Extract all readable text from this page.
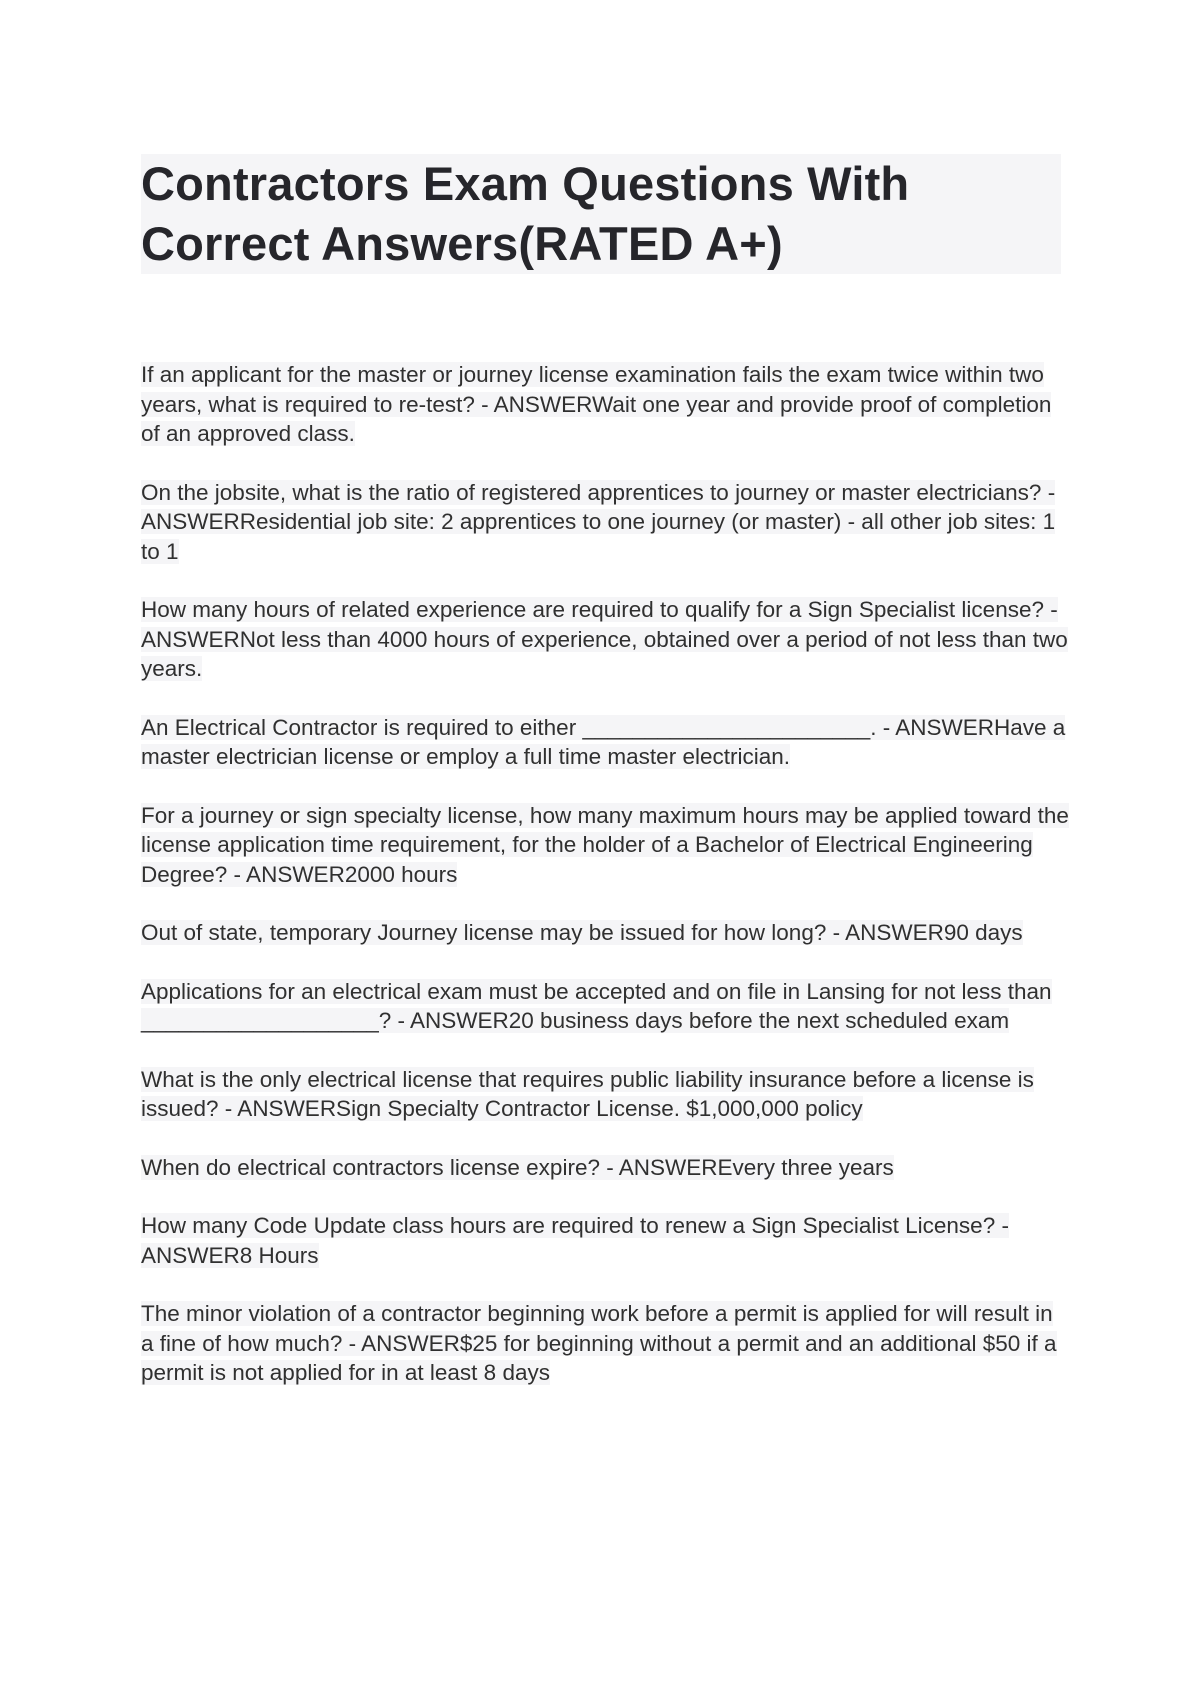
Contractors Exam Questions With
Correct Answers(RATED A+)
If an applicant for the master or journey license examination fails the exam twice within two years, what is required to re-test? - ANSWERWait one year and provide proof of completion of an approved class.
On the jobsite, what is the ratio of registered apprentices to journey or master electricians? - ANSWERResidential job site: 2 apprentices to one journey (or master) - all other job sites: 1 to 1
How many hours of related experience are required to qualify for a Sign Specialist license? - ANSWERNot less than 4000 hours of experience, obtained over a period of not less than two years.
An Electrical Contractor is required to either _______________________. - ANSWERHave a master electrician license or employ a full time master electrician.
For a journey or sign specialty license, how many maximum hours may be applied toward the license application time requirement, for the holder of a Bachelor of Electrical Engineering Degree? - ANSWER2000 hours
Out of state, temporary Journey license may be issued for how long? - ANSWER90 days
Applications for an electrical exam must be accepted and on file in Lansing for not less than ___________________? - ANSWER20 business days before the next scheduled exam
What is the only electrical license that requires public liability insurance before a license is issued? - ANSWERSign Specialty Contractor License. $1,000,000 policy
When do electrical contractors license expire? - ANSWEREvery three years
How many Code Update class hours are required to renew a Sign Specialist License? - ANSWER8 Hours
The minor violation of a contractor beginning work before a permit is applied for will result in a fine of how much? - ANSWER$25 for beginning without a permit and an additional $50 if a permit is not applied for in at least 8 days
